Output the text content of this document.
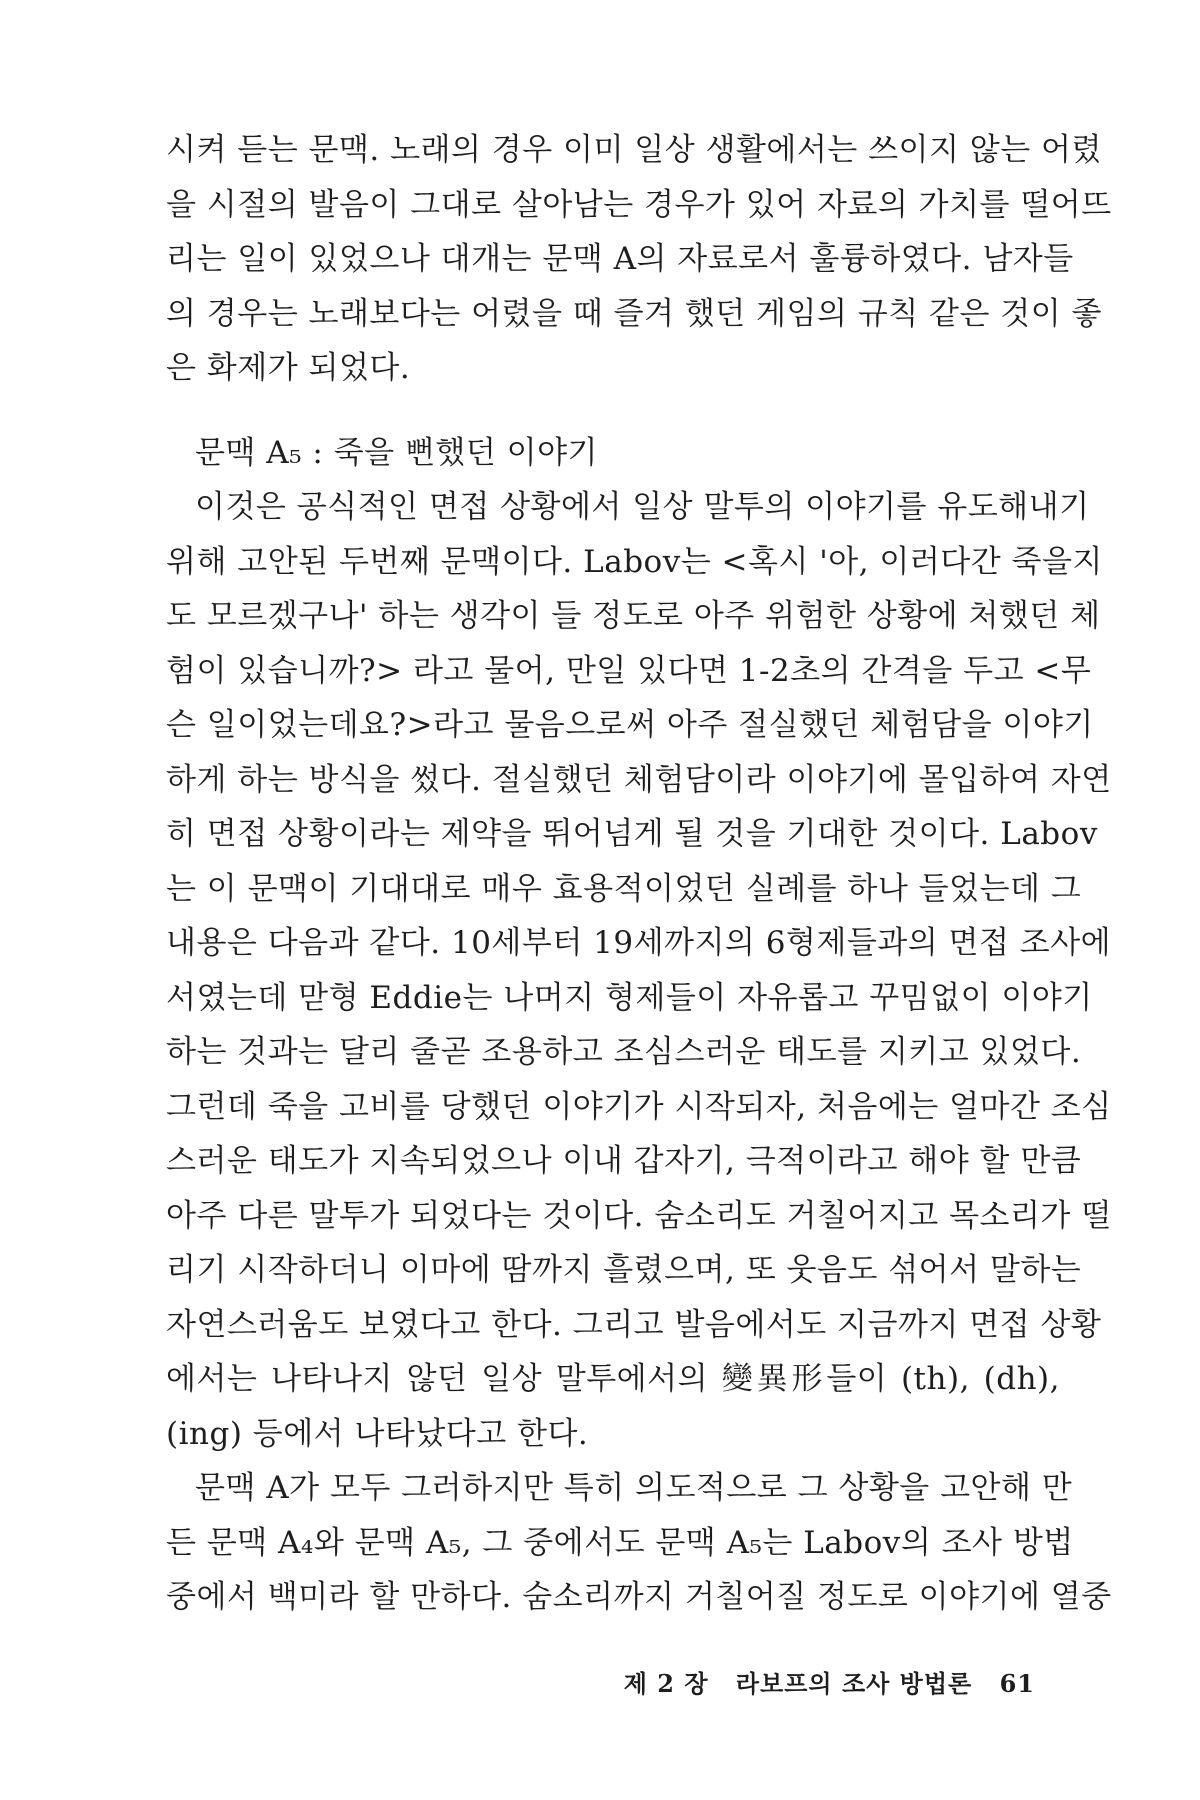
시켜 듣는 문맥. 노래의 경우 이미 일상 생활에서는 쓰이지 않는 어렸
을 시절의 발음이 그대로 살아남는 경우가 있어 자료의 가치를 떨어뜨
리는 일이 있었으나 대개는 문맥 A의 자료로서 훌륭하였다. 남자들
의 경우는 노래보다는 어렸을 때 즐겨 했던 게임의 규칙 같은 것이 좋
은 화제가 되었다.
문맥 A₅ : 죽을 뻔했던 이야기
이것은 공식적인 면접 상황에서 일상 말투의 이야기를 유도해내기
위해 고안된 두번째 문맥이다. Labov는 <혹시 '아, 이러다간 죽을지
도 모르겠구나' 하는 생각이 들 정도로 아주 위험한 상황에 처했던 체
험이 있습니까?> 라고 물어, 만일 있다면 1-2초의 간격을 두고 <무
슨 일이었는데요?>라고 물음으로써 아주 절실했던 체험담을 이야기
하게 하는 방식을 썼다. 절실했던 체험담이라 이야기에 몰입하여 자연
히 면접 상황이라는 제약을 뛰어넘게 될 것을 기대한 것이다. Labov
는 이 문맥이 기대대로 매우 효용적이었던 실례를 하나 들었는데 그
내용은 다음과 같다. 10세부터 19세까지의 6형제들과의 면접 조사에
서였는데 맏형 Eddie는 나머지 형제들이 자유롭고 꾸밈없이 이야기
하는 것과는 달리 줄곧 조용하고 조심스러운 태도를 지키고 있었다.
그런데 죽을 고비를 당했던 이야기가 시작되자, 처음에는 얼마간 조심
스러운 태도가 지속되었으나 이내 갑자기, 극적이라고 해야 할 만큼
아주 다른 말투가 되었다는 것이다. 숨소리도 거칠어지고 목소리가 떨
리기 시작하더니 이마에 땀까지 흘렸으며, 또 웃음도 섞어서 말하는
자연스러움도 보였다고 한다. 그리고 발음에서도 지금까지 면접 상황
에서는 나타나지 않던 일상 말투에서의 變異形들이 (th), (dh),
(ing) 등에서 나타났다고 한다.
제 2 장 라보프의 조사 방법론 61
문맥 A가 모두 그러하지만 특히 의도적으로 그 상황을 고안해 만
든 문맥 A₄와 문맥 A₅, 그 중에서도 문맥 A₅는 Labov의 조사 방법
중에서 백미라 할 만하다. 숨소리까지 거칠어질 정도로 이야기에 열중
